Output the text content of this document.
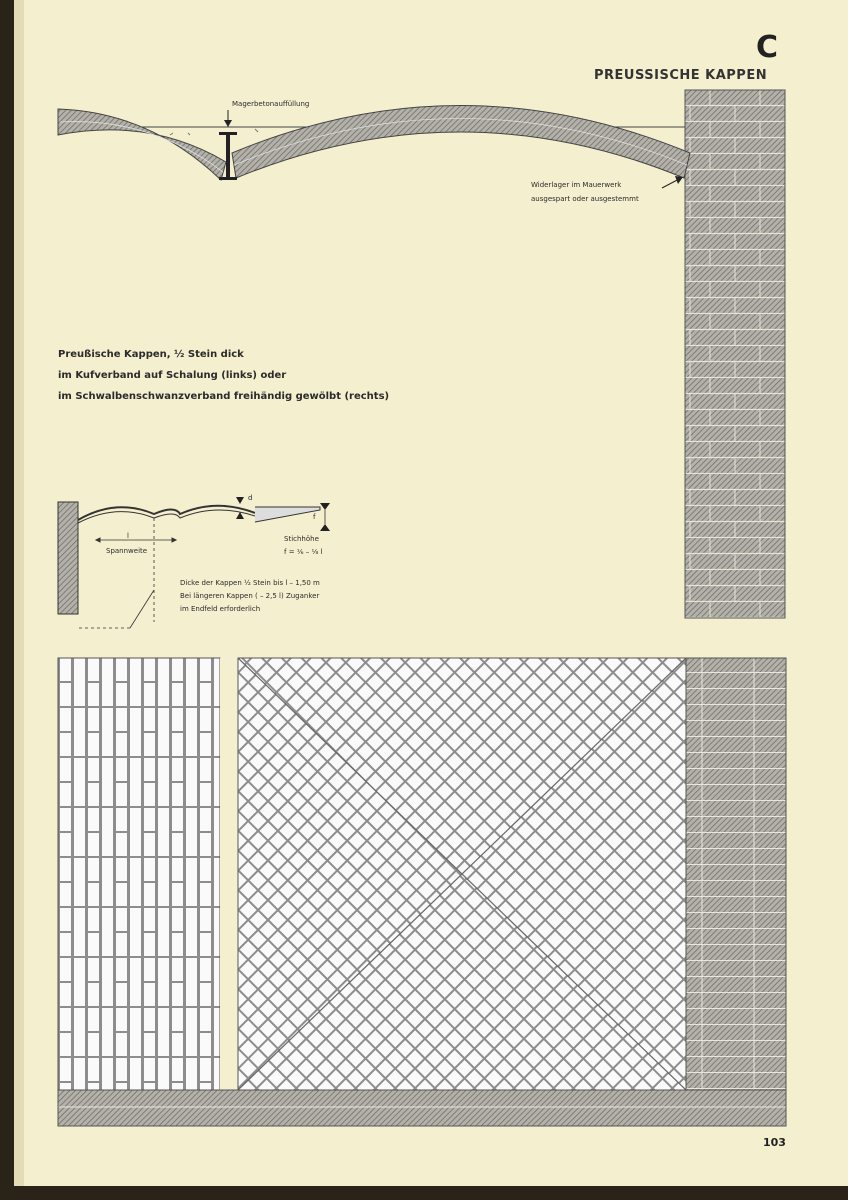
C
PREUSSISCHE KAPPEN
Magerbetonauffüllung
Widerlager im Mauerwerk
ausgespart oder ausgestemmt
Preußische Kappen, ½ Stein dick
im Kufverband auf Schalung (links) oder
im Schwalbenschwanzverband freihändig gewölbt (rechts)
d
l
f
Spannweite
Stichhöhe
f = ⅙ – ⅛ l
Dicke der Kappen ½ Stein bis l – 1,50 m
Bei längeren Kappen ( – 2,5 l) Zuganker
im Endfeld erforderlich
103
